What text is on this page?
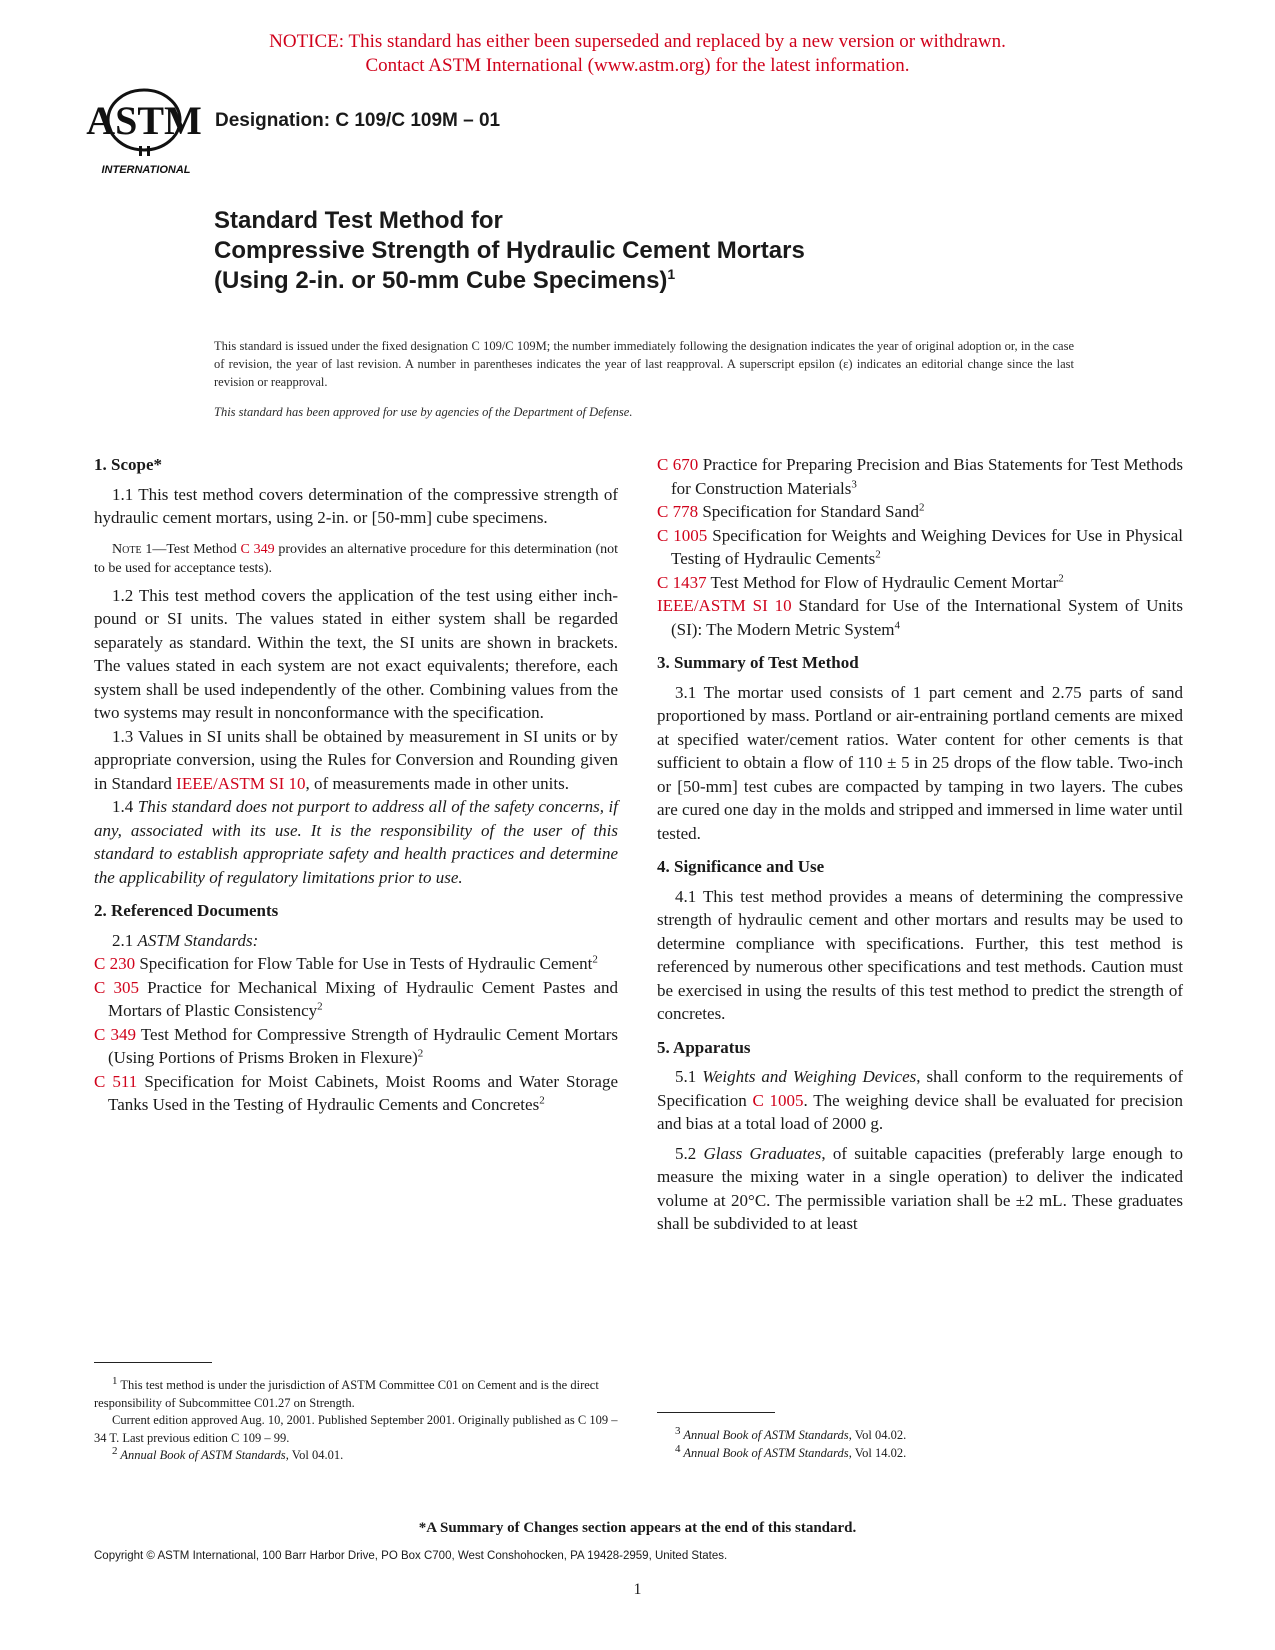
NOTICE: This standard has either been superseded and replaced by a new version or withdrawn.
Contact ASTM International (www.astm.org) for the latest information.
ASTM
INTERNATIONAL
Designation: C 109/C 109M – 01
Standard Test Method for
Compressive Strength of Hydraulic Cement Mortars
(Using 2-in. or 50-mm Cube Specimens)$^1$
This standard is issued under the fixed designation C 109/C 109M; the number immediately following the designation indicates the year of original adoption or, in the case of revision, the year of last revision. A number in parentheses indicates the year of last reapproval. A superscript epsilon (ε) indicates an editorial change since the last revision or reapproval.
This standard has been approved for use by agencies of the Department of Defense.

1. Scope*

1.1 This test method covers determination of the compressive strength of hydraulic cement mortars, using 2-in. or [50-mm] cube specimens.

Note 1—Test Method C 349 provides an alternative procedure for this determination (not to be used for acceptance tests).

1.2 This test method covers the application of the test using either inch-pound or SI units. The values stated in either system shall be regarded separately as standard. Within the text, the SI units are shown in brackets. The values stated in each system are not exact equivalents; therefore, each system shall be used independently of the other. Combining values from the two systems may result in nonconformance with the specification.

1.3 Values in SI units shall be obtained by measurement in SI units or by appropriate conversion, using the Rules for Conversion and Rounding given in Standard IEEE/ASTM SI 10, of measurements made in other units.

1.4 This standard does not purport to address all of the safety concerns, if any, associated with its use. It is the responsibility of the user of this standard to establish appropriate safety and health practices and determine the applicability of regulatory limitations prior to use.

2. Referenced Documents

2.1 ASTM Standards:

C 230 Specification for Flow Table for Use in Tests of Hydraulic Cement$^2$

C 305 Practice for Mechanical Mixing of Hydraulic Cement Pastes and Mortars of Plastic Consistency$^2$

C 349 Test Method for Compressive Strength of Hydraulic Cement Mortars (Using Portions of Prisms Broken in Flexure)$^2$

C 511 Specification for Moist Cabinets, Moist Rooms and Water Storage Tanks Used in the Testing of Hydraulic Cements and Concretes$^2$

C 670 Practice for Preparing Precision and Bias Statements for Test Methods for Construction Materials$^3$

C 778 Specification for Standard Sand$^2$

C 1005 Specification for Weights and Weighing Devices for Use in Physical Testing of Hydraulic Cements$^2$

C 1437 Test Method for Flow of Hydraulic Cement Mortar$^2$

IEEE/ASTM SI 10 Standard for Use of the International System of Units (SI): The Modern Metric System$^4$

3. Summary of Test Method

3.1 The mortar used consists of 1 part cement and 2.75 parts of sand proportioned by mass. Portland or air-entraining portland cements are mixed at specified water/cement ratios. Water content for other cements is that sufficient to obtain a flow of 110 ± 5 in 25 drops of the flow table. Two-inch or [50-mm] test cubes are compacted by tamping in two layers. The cubes are cured one day in the molds and stripped and immersed in lime water until tested.

4. Significance and Use

4.1 This test method provides a means of determining the compressive strength of hydraulic cement and other mortars and results may be used to determine compliance with specifications. Further, this test method is referenced by numerous other specifications and test methods. Caution must be exercised in using the results of this test method to predict the strength of concretes.

5. Apparatus

5.1 Weights and Weighing Devices, shall conform to the requirements of Specification C 1005. The weighing device shall be evaluated for precision and bias at a total load of 2000 g.

5.2 Glass Graduates, of suitable capacities (preferably large enough to measure the mixing water in a single operation) to deliver the indicated volume at 20°C. The permissible variation shall be ±2 mL. These graduates shall be subdivided to at least

$^1$ This test method is under the jurisdiction of ASTM Committee C01 on Cement and is the direct responsibility of Subcommittee C01.27 on Strength.
Current edition approved Aug. 10, 2001. Published September 2001. Originally published as C 109 – 34 T. Last previous edition C 109 – 99.
$^2$ Annual Book of ASTM Standards, Vol 04.01.
$^3$ Annual Book of ASTM Standards, Vol 04.02.
$^4$ Annual Book of ASTM Standards, Vol 14.02.
*A Summary of Changes section appears at the end of this standard.
Copyright © ASTM International, 100 Barr Harbor Drive, PO Box C700, West Conshohocken, PA 19428-2959, United States.
1
